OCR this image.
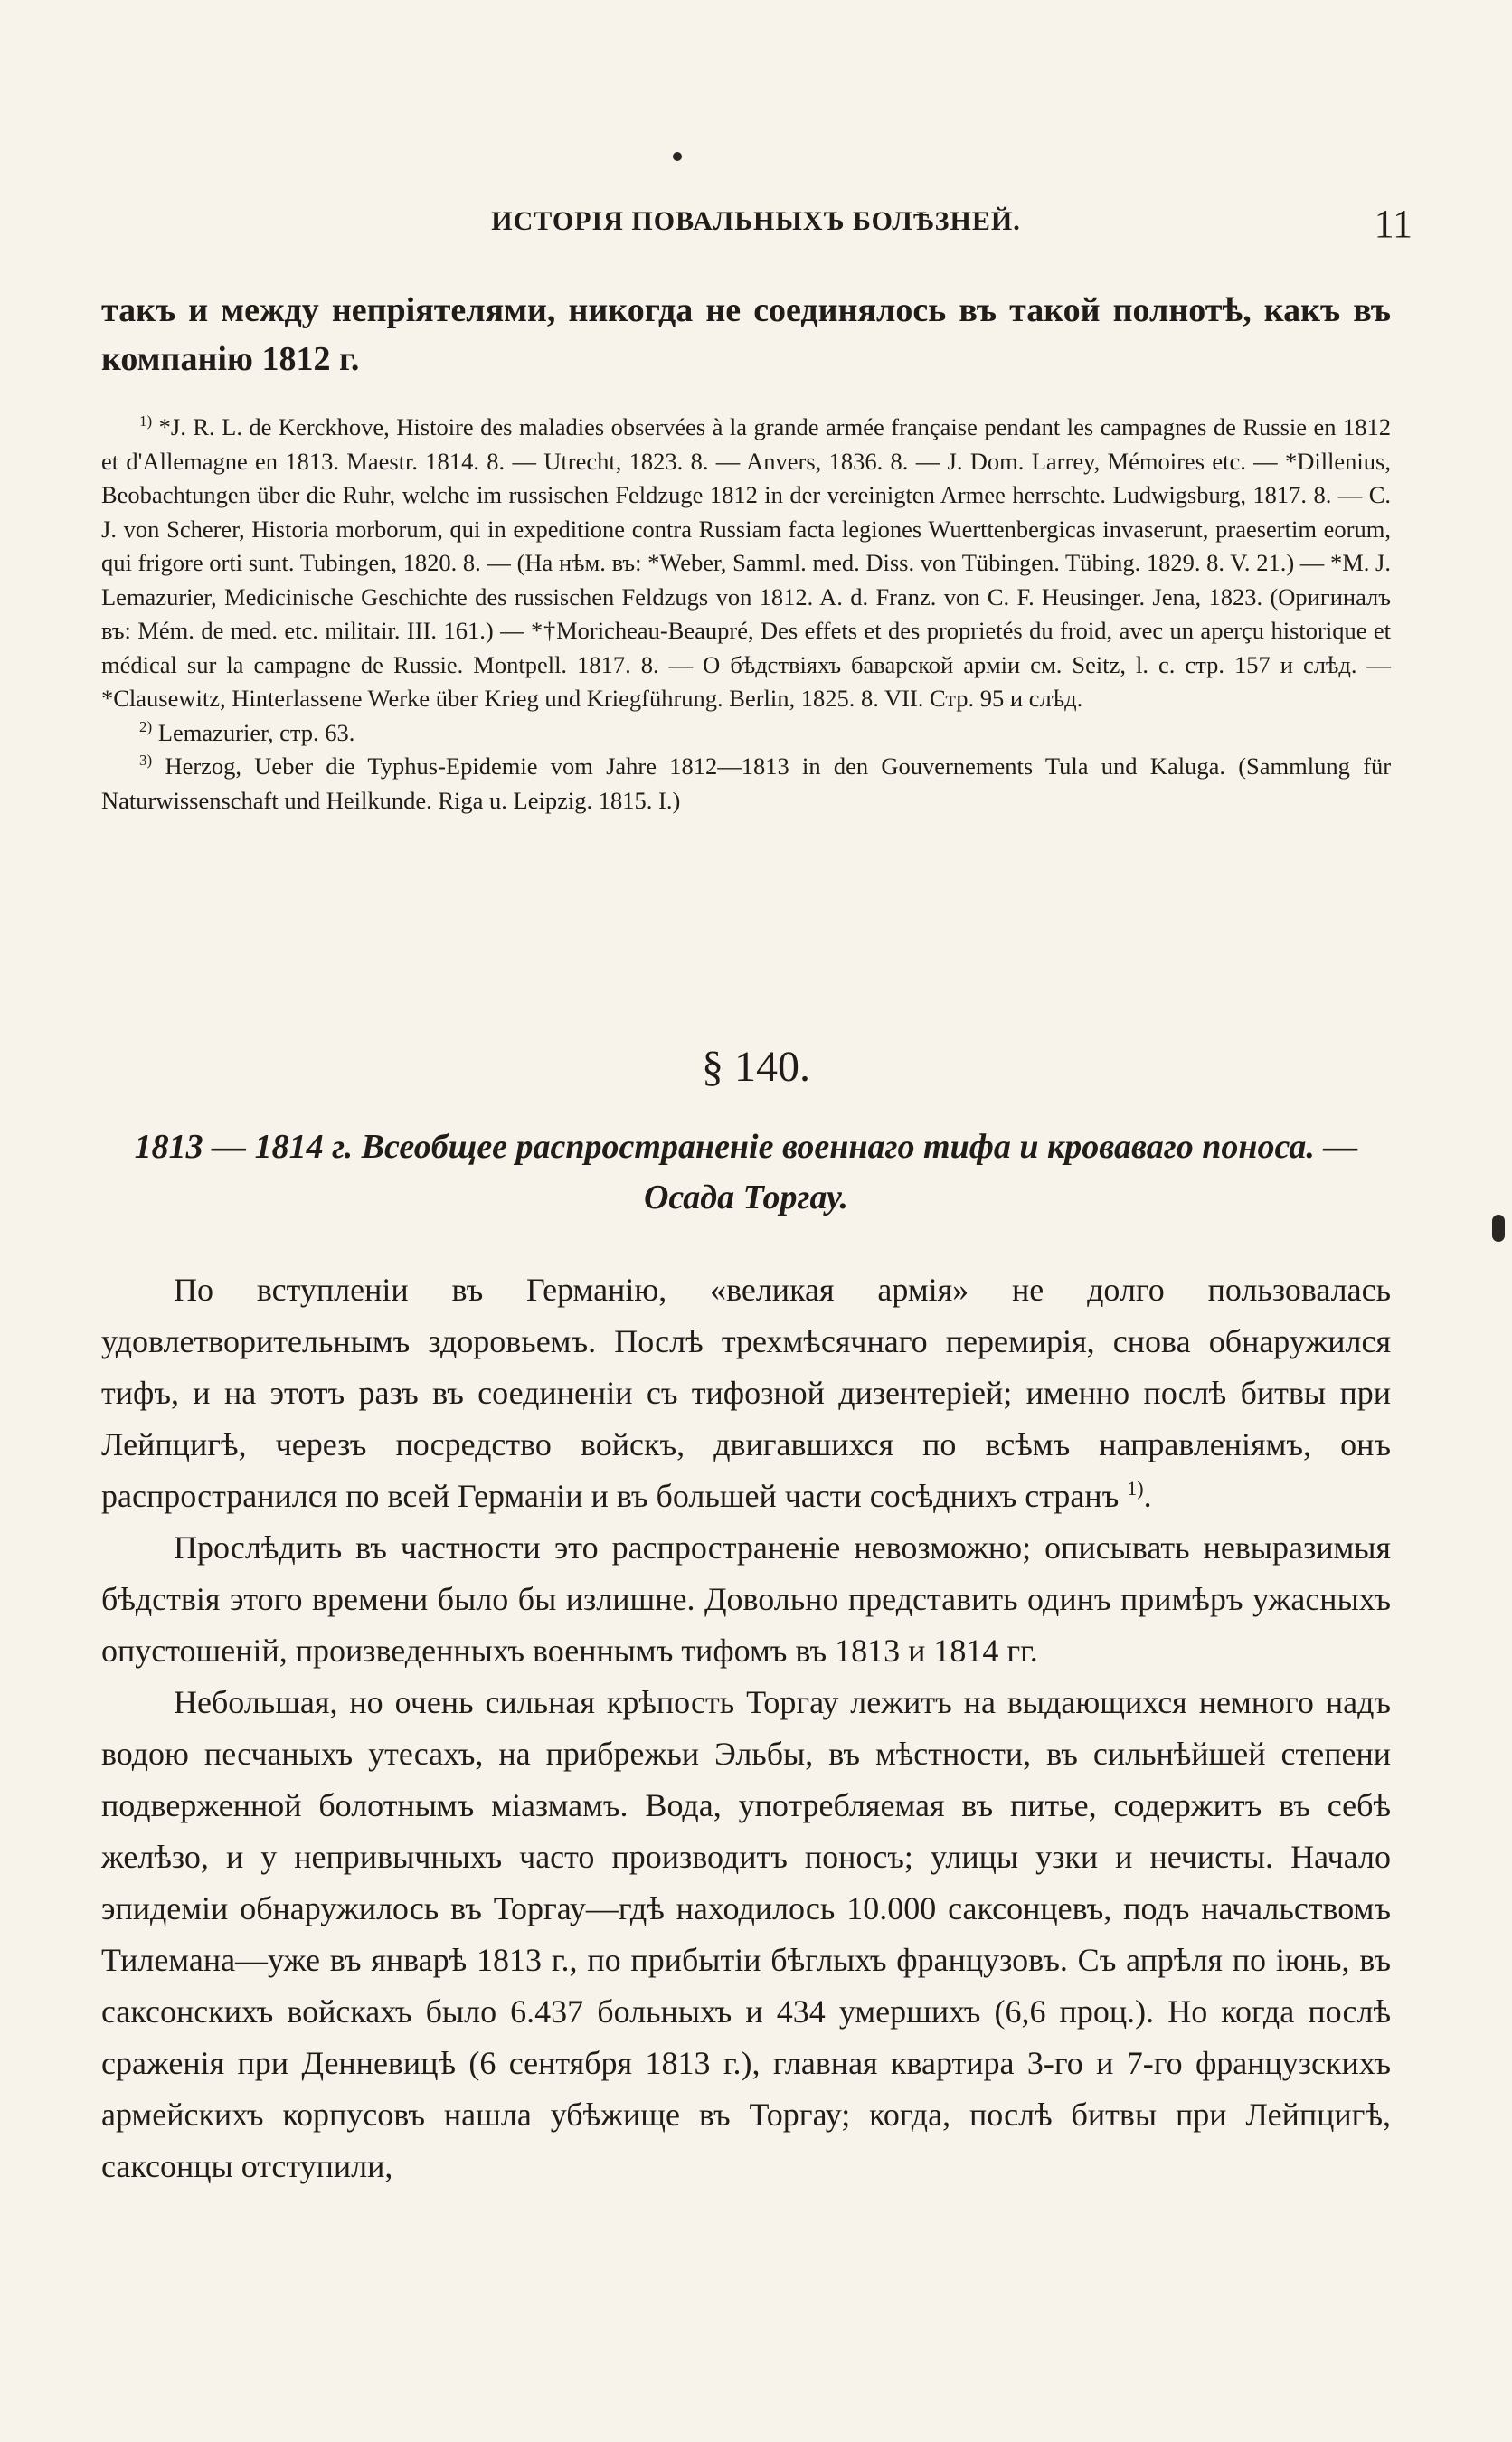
ИСТОРІЯ ПОВАЛЬНЫХЪ БОЛѢЗНЕЙ.	11
такъ и между непріятелями, никогда не соединялось въ такой полнотѣ, какъ въ компанію 1812 г.

$^{1)}$ *J. R. L. de Kerckhove, Histoire des maladies observées à la grande armée française pendant les campagnes de Russie en 1812 et d'Allemagne en 1813. Maestr. 1814. 8. — Utrecht, 1823. 8. — Anvers, 1836. 8. — J. Dom. Larrey, Mémoires etc. — *Dillenius, Beobachtungen über die Ruhr, welche im russischen Feldzuge 1812 in der vereinigten Armee herrschte. Ludwigsburg, 1817. 8. — C. J. von Scherer, Historia morborum, qui in expeditione contra Russiam facta legiones Wuerttenbergicas invaserunt, praesertim eorum, qui frigore orti sunt. Tubingen, 1820. 8. — (На нѣм. въ: *Weber, Samml. med. Diss. von Tübingen. Tübing. 1829. 8. V. 21.) — *M. J. Lemazurier, Medicinische Geschichte des russischen Feldzugs von 1812. A. d. Franz. von C. F. Heusinger. Jena, 1823. (Оригиналъ въ: Mém. de med. etc. militair. III. 161.) — *†Moricheau-Beaupré, Des effets et des proprietés du froid, avec un aperçu historique et médical sur la campagne de Russie. Montpell. 1817. 8. — О бѣдствіяхъ баварской арміи см. Seitz, l. c. стр. 157 и слѣд. — *Clausewitz, Hinterlassene Werke über Krieg und Kriegführung. Berlin, 1825. 8. VII. Стр. 95 и слѣд.

$^{2)}$ Lemazurier, стр. 63.

$^{3)}$ Herzog, Ueber die Typhus-Epidemie vom Jahre 1812—1813 in den Gouvernements Tula und Kaluga. (Sammlung für Naturwissenschaft und Heilkunde. Riga u. Leipzig. 1815. I.)

§ 140.
1813 — 1814 г. Всеобщее распространеніе военнаго тифа и кроваваго поноса. — Осада Торгау.

По вступленіи въ Германію, «великая армія» не долго пользовалась удовлетворительнымъ здоровьемъ. Послѣ трехмѣсячнаго перемирія, снова обнаружился тифъ, и на этотъ разъ въ соединеніи съ тифозной дизентеріей; именно послѣ битвы при Лейпцигѣ, черезъ посредство войскъ, двигавшихся по всѣмъ направленіямъ, онъ распространился по всей Германіи и въ большей части сосѣднихъ странъ $^{1)}$.

Прослѣдить въ частности это распространеніе невозможно; описывать невыразимыя бѣдствія этого времени было бы излишне. Довольно представить одинъ примѣръ ужасныхъ опустошеній, произведенныхъ военнымъ тифомъ въ 1813 и 1814 гг.

Небольшая, но очень сильная крѣпость Торгау лежитъ на выдающихся немного надъ водою песчаныхъ утесахъ, на прибрежьи Эльбы, въ мѣстности, въ сильнѣйшей степени подверженной болотнымъ міазмамъ. Вода, употребляемая въ питье, содержитъ въ себѣ желѣзо, и у непривычныхъ часто производитъ поносъ; улицы узки и нечисты. Начало эпидеміи обнаружилось въ Торгау—гдѣ находилось 10.000 саксонцевъ, подъ начальствомъ Тилемана—уже въ январѣ 1813 г., по прибытіи бѣглыхъ французовъ. Съ апрѣля по іюнь, въ саксонскихъ войскахъ было 6.437 больныхъ и 434 умершихъ (6,6 проц.). Но когда послѣ сраженія при Денневицѣ (6 сентября 1813 г.), главная квартира 3-го и 7-го французскихъ армейскихъ корпусовъ нашла убѣжище въ Торгау; когда, послѣ битвы при Лейпцигѣ, саксонцы отступили,
